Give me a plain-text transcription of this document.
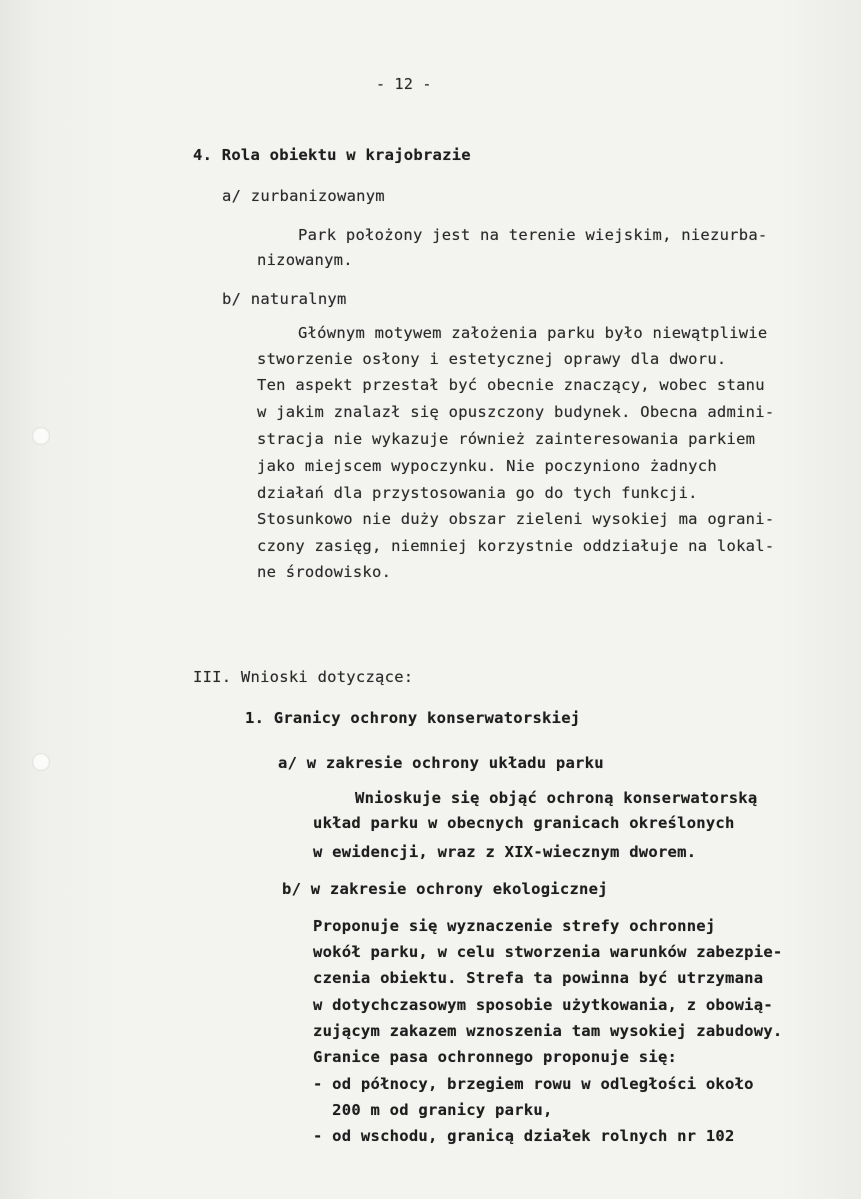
- 12 -
4. Rola obiektu w krajobrazie
a/ zurbanizowanym
Park położony jest na terenie wiejskim, niezurba-
nizowanym.
b/ naturalnym
Głównym motywem założenia parku było niewątpliwie
stworzenie osłony i estetycznej oprawy dla dworu.
Ten aspekt przestał być obecnie znaczący, wobec stanu
w jakim znalazł się opuszczony budynek. Obecna admini-
stracja nie wykazuje również zainteresowania parkiem
jako miejscem wypoczynku. Nie poczyniono żadnych
działań dla przystosowania go do tych funkcji.
Stosunkowo nie duży obszar zieleni wysokiej ma ograni-
czony zasięg, niemniej korzystnie oddziałuje na lokal-
ne środowisko.
III. Wnioski dotyczące:
1. Granicy ochrony konserwatorskiej
a/ w zakresie ochrony układu parku
Wnioskuje się objąć ochroną konserwatorską
układ parku w obecnych granicach określonych
w ewidencji, wraz z XIX-wiecznym dworem.
b/ w zakresie ochrony ekologicznej
Proponuje się wyznaczenie strefy ochronnej
wokół parku, w celu stworzenia warunków zabezpie-
czenia obiektu. Strefa ta powinna być utrzymana
w dotychczasowym sposobie użytkowania, z obowią-
zującym zakazem wznoszenia tam wysokiej zabudowy.
Granice pasa ochronnego proponuje się:
- od północy, brzegiem rowu w odległości około
200 m od granicy parku,
- od wschodu, granicą działek rolnych nr 102
